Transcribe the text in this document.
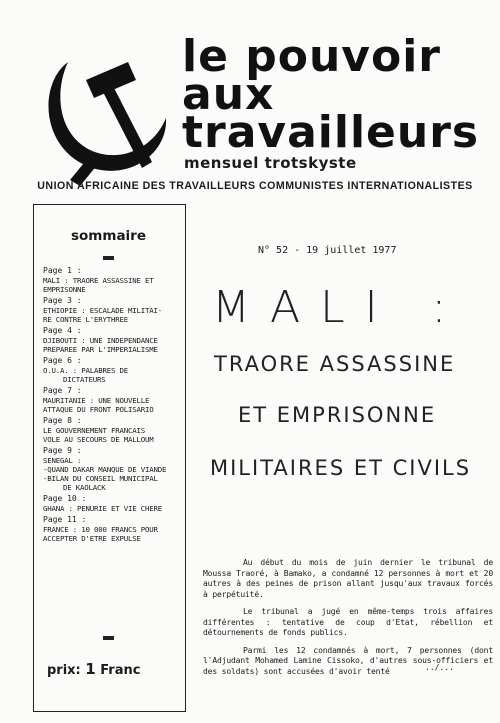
le pouvoir
aux
travailleurs
mensuel trotskyste
UNION AFRICAINE DES TRAVAILLEURS COMMUNISTES INTERNATIONALISTES
sommaire
Page 1 :
MALI : TRAORE ASSASSINE ET
EMPRISONNE
Page 3 :
ETHIOPIE : ESCALADE MILITAI-
RE CONTRE L'ERYTHREE
Page 4 :
DJIBOUTI : UNE INDEPENDANCE
PREPAREE PAR L'IMPERIALISME
Page 6 :
O.U.A. : PALABRES DE
DICTATEURS
Page 7 :
MAURITANIE : UNE NOUVELLE
ATTAQUE DU FRONT POLISARIO
Page 8 :
LE GOUVERNEMENT FRANCAIS
VOLE AU SECOURS DE MALLOUM
Page 9 :
SENEGAL :
-QUAND DAKAR MANQUE DE VIANDE
-BILAN DU CONSEIL MUNICIPAL
DE KAOLACK
Page 10 :
GHANA : PENURIE ET VIE CHERE
Page 11 :
FRANCE : 10 000 FRANCS POUR
ACCEPTER D'ETRE EXPULSE
prix: 1 Franc
N° 52 - 19 juillet 1977
MALI :
TRAORE ASSASSINE
ET EMPRISONNE
MILITAIRES ET CIVILS

Au début du mois de juin dernier le tribunal de Moussa Traoré, à Bamako, a condamné 12 personnes à mort et 20 autres à des peines de prison allant jusqu'aux travaux forcés à perpétuité.

Le tribunal a jugé en même-temps trois affaires différentes : tentative de coup d'Etat, rébellion et détournements de fonds publics.

Parmi les 12 condamnés à mort, 7 personnes (dont l'Adjudant Mohamed Lamine Cissoko, d'autres sous-officiers et des soldats) sont accusées d'avoir tenté	../...
